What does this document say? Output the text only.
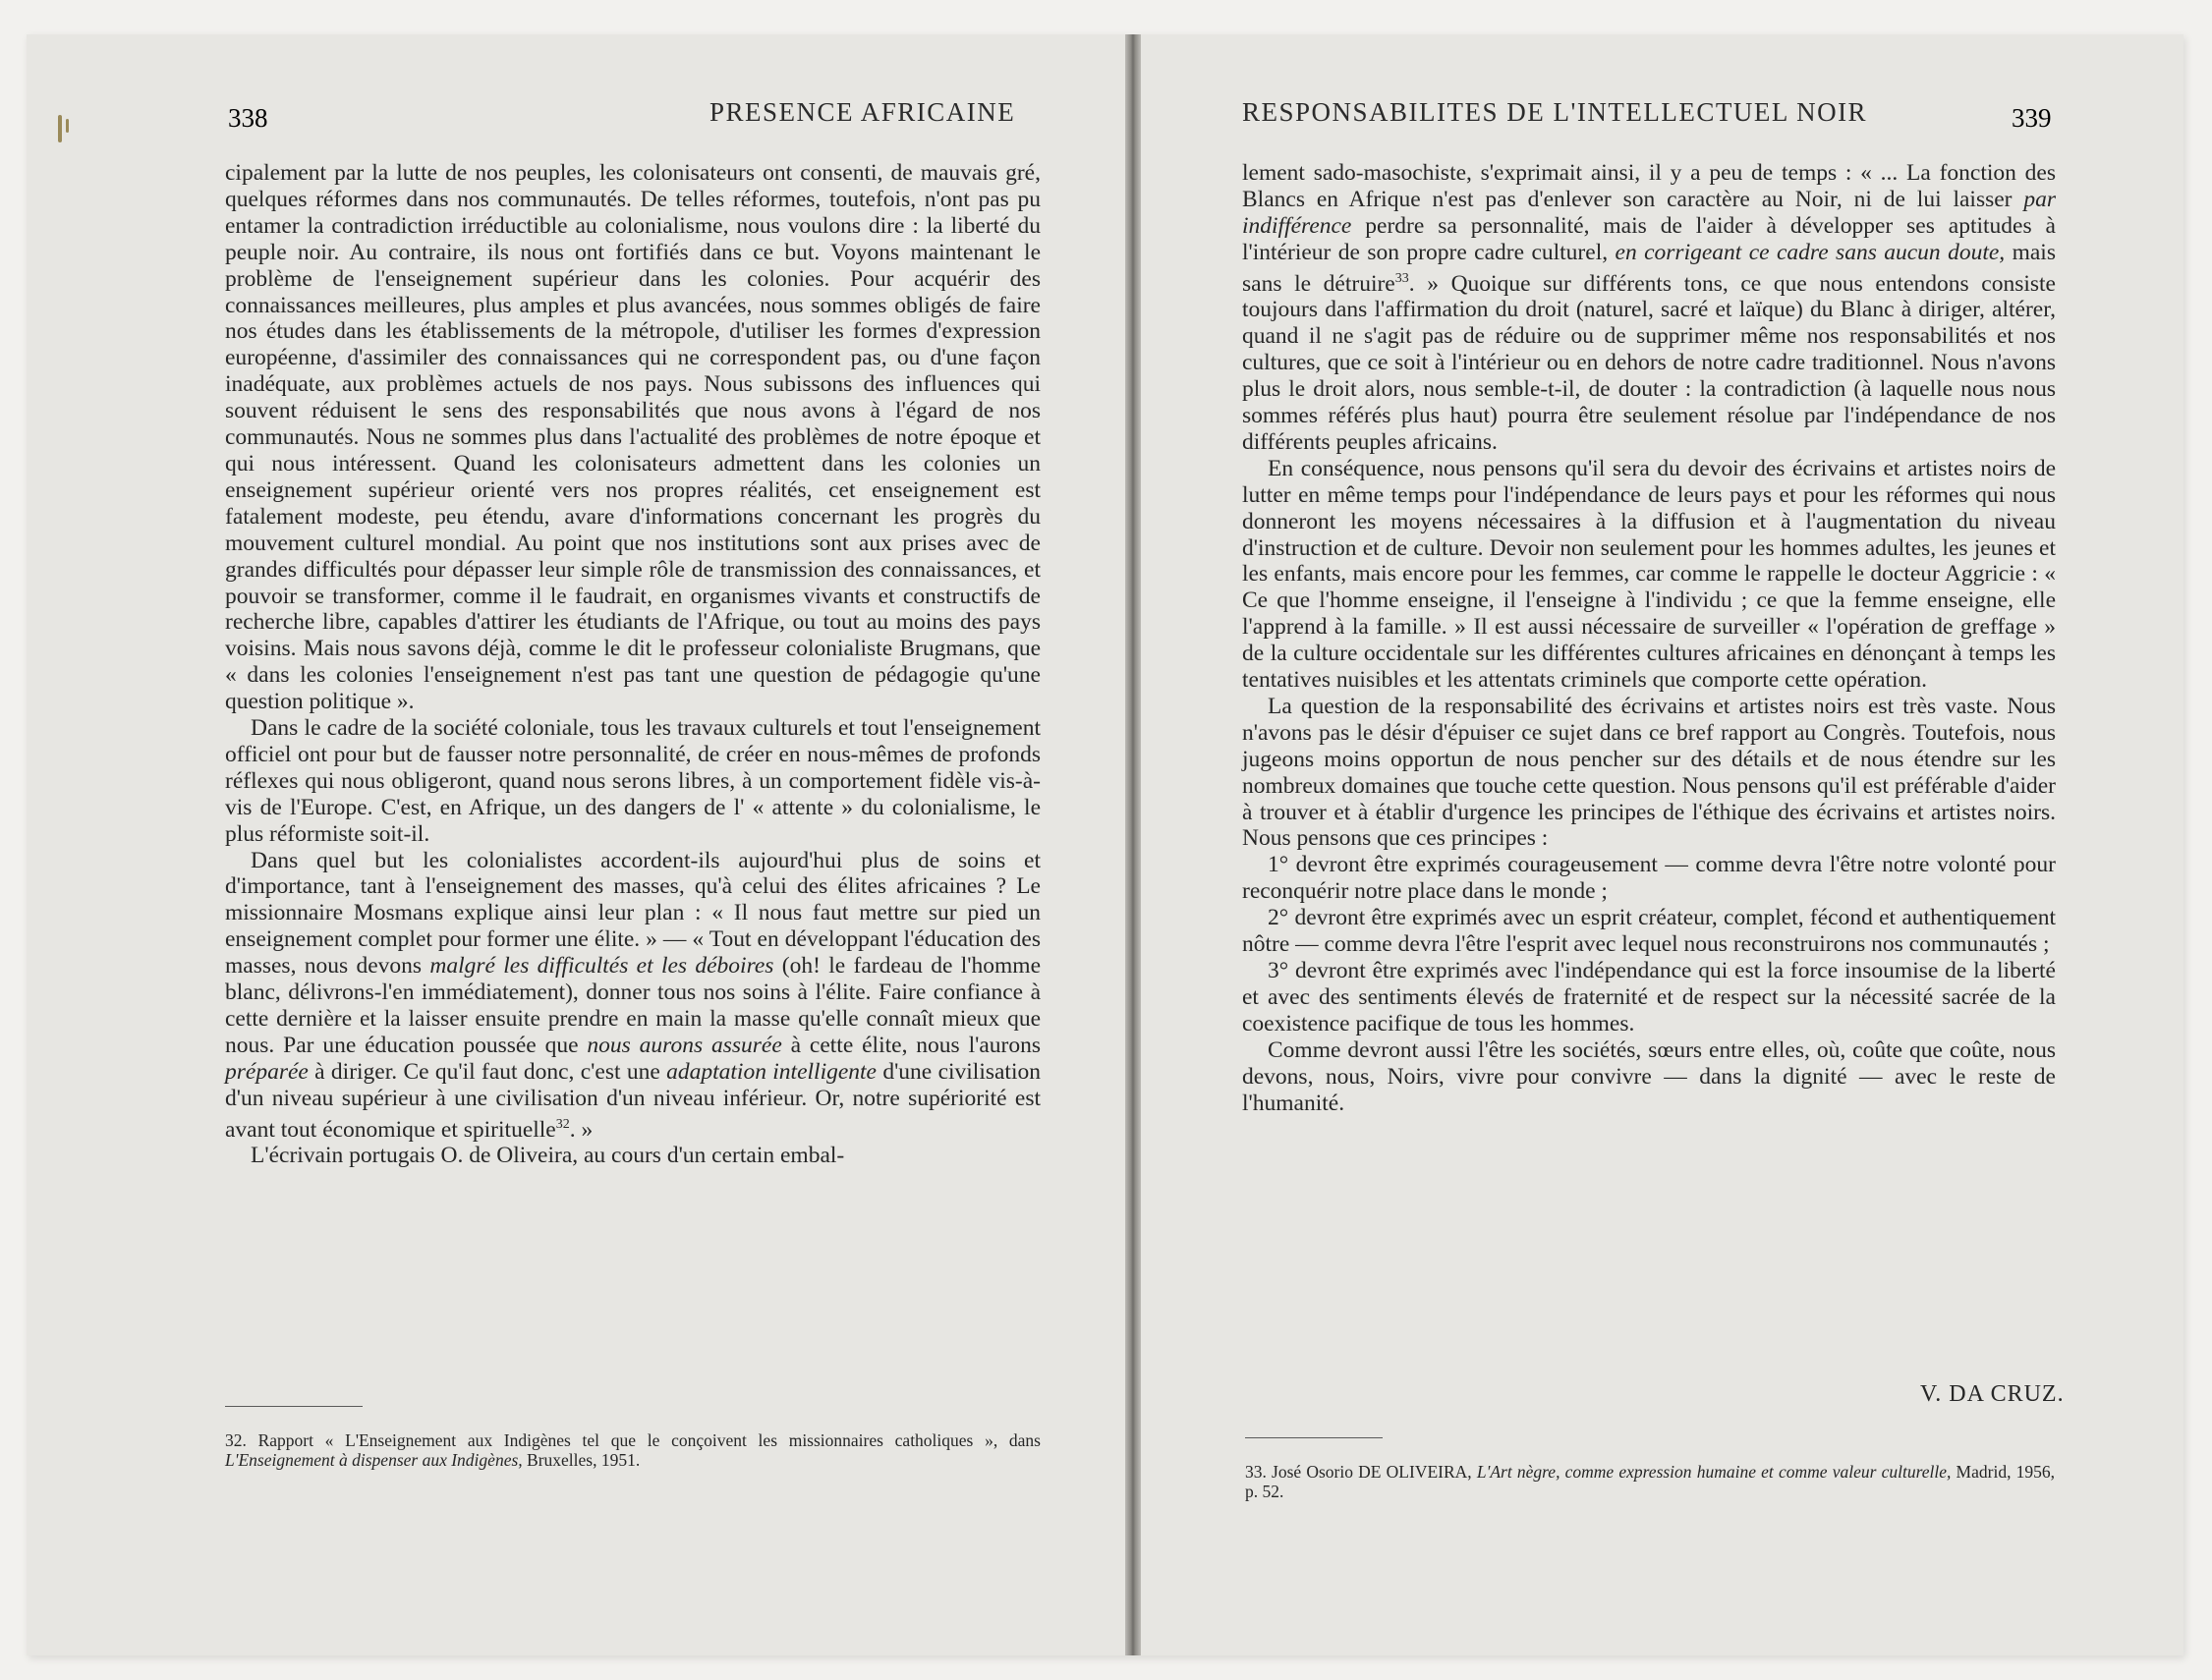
338	PRESENCE AFRICAINE

cipalement par la lutte de nos peuples, les colonisateurs ont consenti, de mauvais gré, quelques réformes dans nos communautés. De telles réformes, toutefois, n'ont pas pu entamer la contradiction irréductible au colonialisme, nous voulons dire : la liberté du peuple noir. Au contraire, ils nous ont fortifiés dans ce but. Voyons maintenant le problème de l'enseignement supérieur dans les colonies. Pour acquérir des connaissances meilleures, plus amples et plus avancées, nous sommes obligés de faire nos études dans les établissements de la métropole, d'utiliser les formes d'expression européenne, d'assimiler des connaissances qui ne correspondent pas, ou d'une façon inadéquate, aux problèmes actuels de nos pays. Nous subissons des influences qui souvent réduisent le sens des responsabilités que nous avons à l'égard de nos communautés. Nous ne sommes plus dans l'actualité des problèmes de notre époque et qui nous intéressent. Quand les colonisateurs admettent dans les colonies un enseignement supérieur orienté vers nos propres réalités, cet enseignement est fatalement modeste, peu étendu, avare d'informations concernant les progrès du mouvement culturel mondial. Au point que nos institutions sont aux prises avec de grandes difficultés pour dépasser leur simple rôle de transmission des connaissances, et pouvoir se transformer, comme il le faudrait, en organismes vivants et constructifs de recherche libre, capables d'attirer les étudiants de l'Afrique, ou tout au moins des pays voisins. Mais nous savons déjà, comme le dit le professeur colonialiste Brugmans, que « dans les colonies l'enseignement n'est pas tant une question de pédagogie qu'une question politique ».

Dans le cadre de la société coloniale, tous les travaux culturels et tout l'enseignement officiel ont pour but de fausser notre personnalité, de créer en nous-mêmes de profonds réflexes qui nous obligeront, quand nous serons libres, à un comportement fidèle vis-à-vis de l'Europe. C'est, en Afrique, un des dangers de l' « attente » du colonialisme, le plus réformiste soit-il.

Dans quel but les colonialistes accordent-ils aujourd'hui plus de soins et d'importance, tant à l'enseignement des masses, qu'à celui des élites africaines ? Le missionnaire Mosmans explique ainsi leur plan : « Il nous faut mettre sur pied un enseignement complet pour former une élite. » — « Tout en développant l'éducation des masses, nous devons malgré les difficultés et les déboires (oh! le fardeau de l'homme blanc, délivrons-l'en immédiatement), donner tous nos soins à l'élite. Faire confiance à cette dernière et la laisser ensuite prendre en main la masse qu'elle connaît mieux que nous. Par une éducation poussée que nous aurons assurée à cette élite, nous l'aurons préparée à diriger. Ce qu'il faut donc, c'est une adaptation intelligente d'une civilisation d'un niveau supérieur à une civilisation d'un niveau inférieur. Or, notre supériorité est avant tout économique et spirituelle$^{32}$. »

L'écrivain portugais O. de Oliveira, au cours d'un certain embal-

32. Rapport « L'Enseignement aux Indigènes tel que le conçoivent les missionnaires catholiques », dans L'Enseignement à dispenser aux Indigènes, Bruxelles, 1951.
RESPONSABILITES DE L'INTELLECTUEL NOIR	339

lement sado-masochiste, s'exprimait ainsi, il y a peu de temps : « ... La fonction des Blancs en Afrique n'est pas d'enlever son caractère au Noir, ni de lui laisser par indifférence perdre sa personnalité, mais de l'aider à développer ses aptitudes à l'intérieur de son propre cadre culturel, en corrigeant ce cadre sans aucun doute, mais sans le détruire$^{33}$. » Quoique sur différents tons, ce que nous entendons consiste toujours dans l'affirmation du droit (naturel, sacré et laïque) du Blanc à diriger, altérer, quand il ne s'agit pas de réduire ou de supprimer même nos responsabilités et nos cultures, que ce soit à l'intérieur ou en dehors de notre cadre traditionnel. Nous n'avons plus le droit alors, nous semble-t-il, de douter : la contradiction (à laquelle nous nous sommes référés plus haut) pourra être seulement résolue par l'indépendance de nos différents peuples africains.

En conséquence, nous pensons qu'il sera du devoir des écrivains et artistes noirs de lutter en même temps pour l'indépendance de leurs pays et pour les réformes qui nous donneront les moyens nécessaires à la diffusion et à l'augmentation du niveau d'instruction et de culture. Devoir non seulement pour les hommes adultes, les jeunes et les enfants, mais encore pour les femmes, car comme le rappelle le docteur Aggricie : « Ce que l'homme enseigne, il l'enseigne à l'individu ; ce que la femme enseigne, elle l'apprend à la famille. » Il est aussi nécessaire de surveiller « l'opération de greffage » de la culture occidentale sur les différentes cultures africaines en dénonçant à temps les tentatives nuisibles et les attentats criminels que comporte cette opération.

La question de la responsabilité des écrivains et artistes noirs est très vaste. Nous n'avons pas le désir d'épuiser ce sujet dans ce bref rapport au Congrès. Toutefois, nous jugeons moins opportun de nous pencher sur des détails et de nous étendre sur les nombreux domaines que touche cette question. Nous pensons qu'il est préférable d'aider à trouver et à établir d'urgence les principes de l'éthique des écrivains et artistes noirs. Nous pensons que ces principes :

1° devront être exprimés courageusement — comme devra l'être notre volonté pour reconquérir notre place dans le monde ;

2° devront être exprimés avec un esprit créateur, complet, fécond et authentiquement nôtre — comme devra l'être l'esprit avec lequel nous reconstruirons nos communautés ;

3° devront être exprimés avec l'indépendance qui est la force insoumise de la liberté et avec des sentiments élevés de fraternité et de respect sur la nécessité sacrée de la coexistence pacifique de tous les hommes.

Comme devront aussi l'être les sociétés, sœurs entre elles, où, coûte que coûte, nous devons, nous, Noirs, vivre pour convivre — dans la dignité — avec le reste de l'humanité.

V. DA CRUZ.
33. José Osorio DE OLIVEIRA, L'Art nègre, comme expression humaine et comme valeur culturelle, Madrid, 1956, p. 52.
